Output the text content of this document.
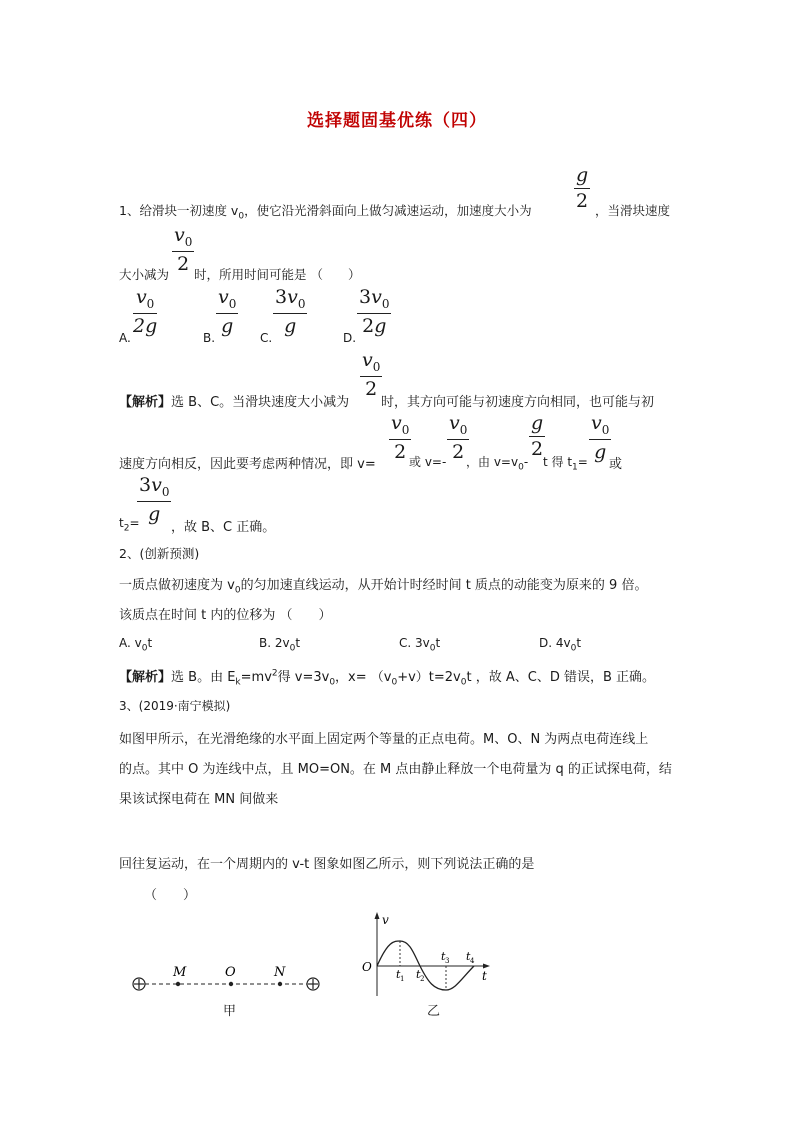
选择题固基优练（四）
$\frac{g}{2}$
1、给滑块一初速度 $v_0$，使它沿光滑斜面向上做匀减速运动，加速度大小为	，当滑块速度
$\frac{v_0}{2}$
大小减为 时，所用时间可能是 （　　）
A.
$\frac{v_0}{2g}$
B.
$\frac{v_0}{g}$
C.
$\frac{3v_0}{g}$
D.
$\frac{3v_0}{2g}$
$\frac{v_0}{2}$
【解析】选 B、C。当滑块速度大小减为 时，其方向可能与初速度方向相同，也可能与初
$\frac{v_0}{2} \frac{v_0}{2}$	$\frac{g}{2} \frac{v_0}{g}$
速度方向相反，因此要考虑两种情况，即 v=	或 v=- ，由 $v=v_0-$ t 得 $t_1=$ 或
$\frac{3v_0}{g}$
$t_2=$ ，故 B、C 正确。
2、(创新预测)
一质点做初速度为 $v_0$的匀加速直线运动，从开始计时经时间 t 质点的动能变为原来的 9 倍。
该质点在时间 t 内的位移为 （　　）
A. $v_0t$	B. $2v_0t$	C. $3v_0t$	D. $4v_0t$
【解析】选 B。由 $E_k=mv^2$得 $v=3v_0$，$x= (v_0+v)t=2v_0t$ ，故 A、C、D 错误，B 正确。
3、(2019·南宁模拟)
如图甲所示，在光滑绝缘的水平面上固定两个等量的正点电荷。M、O、N 为两点电荷连线上
的点。其中 O 为连线中点，且 MO=ON。在 M 点由静止释放一个电荷量为 q 的正试探电荷，结
果该试探电荷在 MN 间做来
回往复运动，在一个周期内的 v-t 图象如图乙所示，则下列说法正确的是
（　　）
M	O	N
甲
v
O
t
t 1 t 2
t 3 t 4
乙
